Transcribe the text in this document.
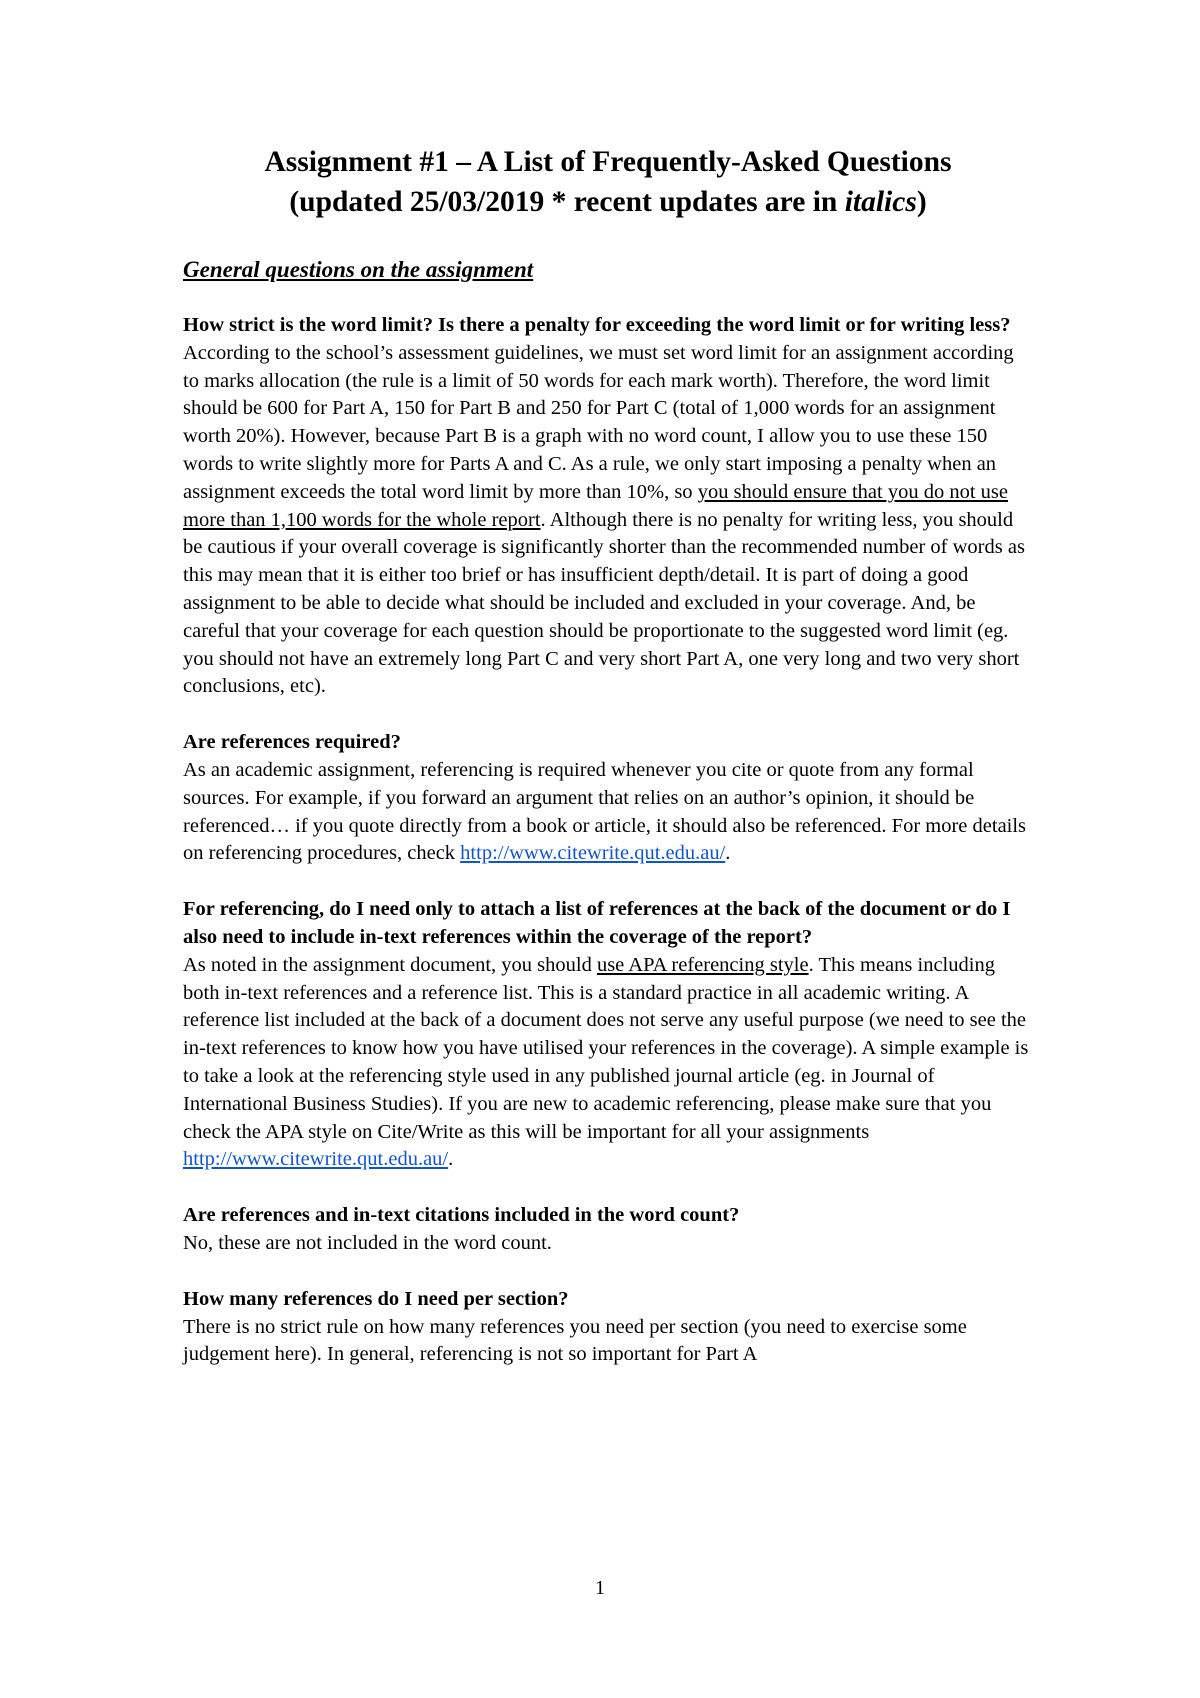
Assignment #1 – A List of Frequently-Asked Questions
(updated 25/03/2019 * recent updates are in italics)
General questions on the assignment

How strict is the word limit? Is there a penalty for exceeding the word limit or for writing less?

According to the school’s assessment guidelines, we must set word limit for an assignment according to marks allocation (the rule is a limit of 50 words for each mark worth). Therefore, the word limit should be 600 for Part A, 150 for Part B and 250 for Part C (total of 1,000 words for an assignment worth 20%). However, because Part B is a graph with no word count, I allow you to use these 150 words to write slightly more for Parts A and C. As a rule, we only start imposing a penalty when an assignment exceeds the total word limit by more than 10%, so you should ensure that you do not use more than 1,100 words for the whole report. Although there is no penalty for writing less, you should be cautious if your overall coverage is significantly shorter than the recommended number of words as this may mean that it is either too brief or has insufficient depth/detail. It is part of doing a good assignment to be able to decide what should be included and excluded in your coverage. And, be careful that your coverage for each question should be proportionate to the suggested word limit (eg. you should not have an extremely long Part C and very short Part A, one very long and two very short conclusions, etc).

Are references required?

As an academic assignment, referencing is required whenever you cite or quote from any formal sources. For example, if you forward an argument that relies on an author’s opinion, it should be referenced… if you quote directly from a book or article, it should also be referenced. For more details on referencing procedures, check http://www.citewrite.qut.edu.au/.

For referencing, do I need only to attach a list of references at the back of the document or do I also need to include in-text references within the coverage of the report?

As noted in the assignment document, you should use APA referencing style. This means including both in-text references and a reference list. This is a standard practice in all academic writing. A reference list included at the back of a document does not serve any useful purpose (we need to see the in-text references to know how you have utilised your references in the coverage). A simple example is to take a look at the referencing style used in any published journal article (eg. in Journal of International Business Studies). If you are new to academic referencing, please make sure that you check the APA style on Cite/Write as this will be important for all your assignments http://www.citewrite.qut.edu.au/.

Are references and in-text citations included in the word count?

No, these are not included in the word count.

How many references do I need per section?

There is no strict rule on how many references you need per section (you need to exercise some judgement here). In general, referencing is not so important for Part A

1
